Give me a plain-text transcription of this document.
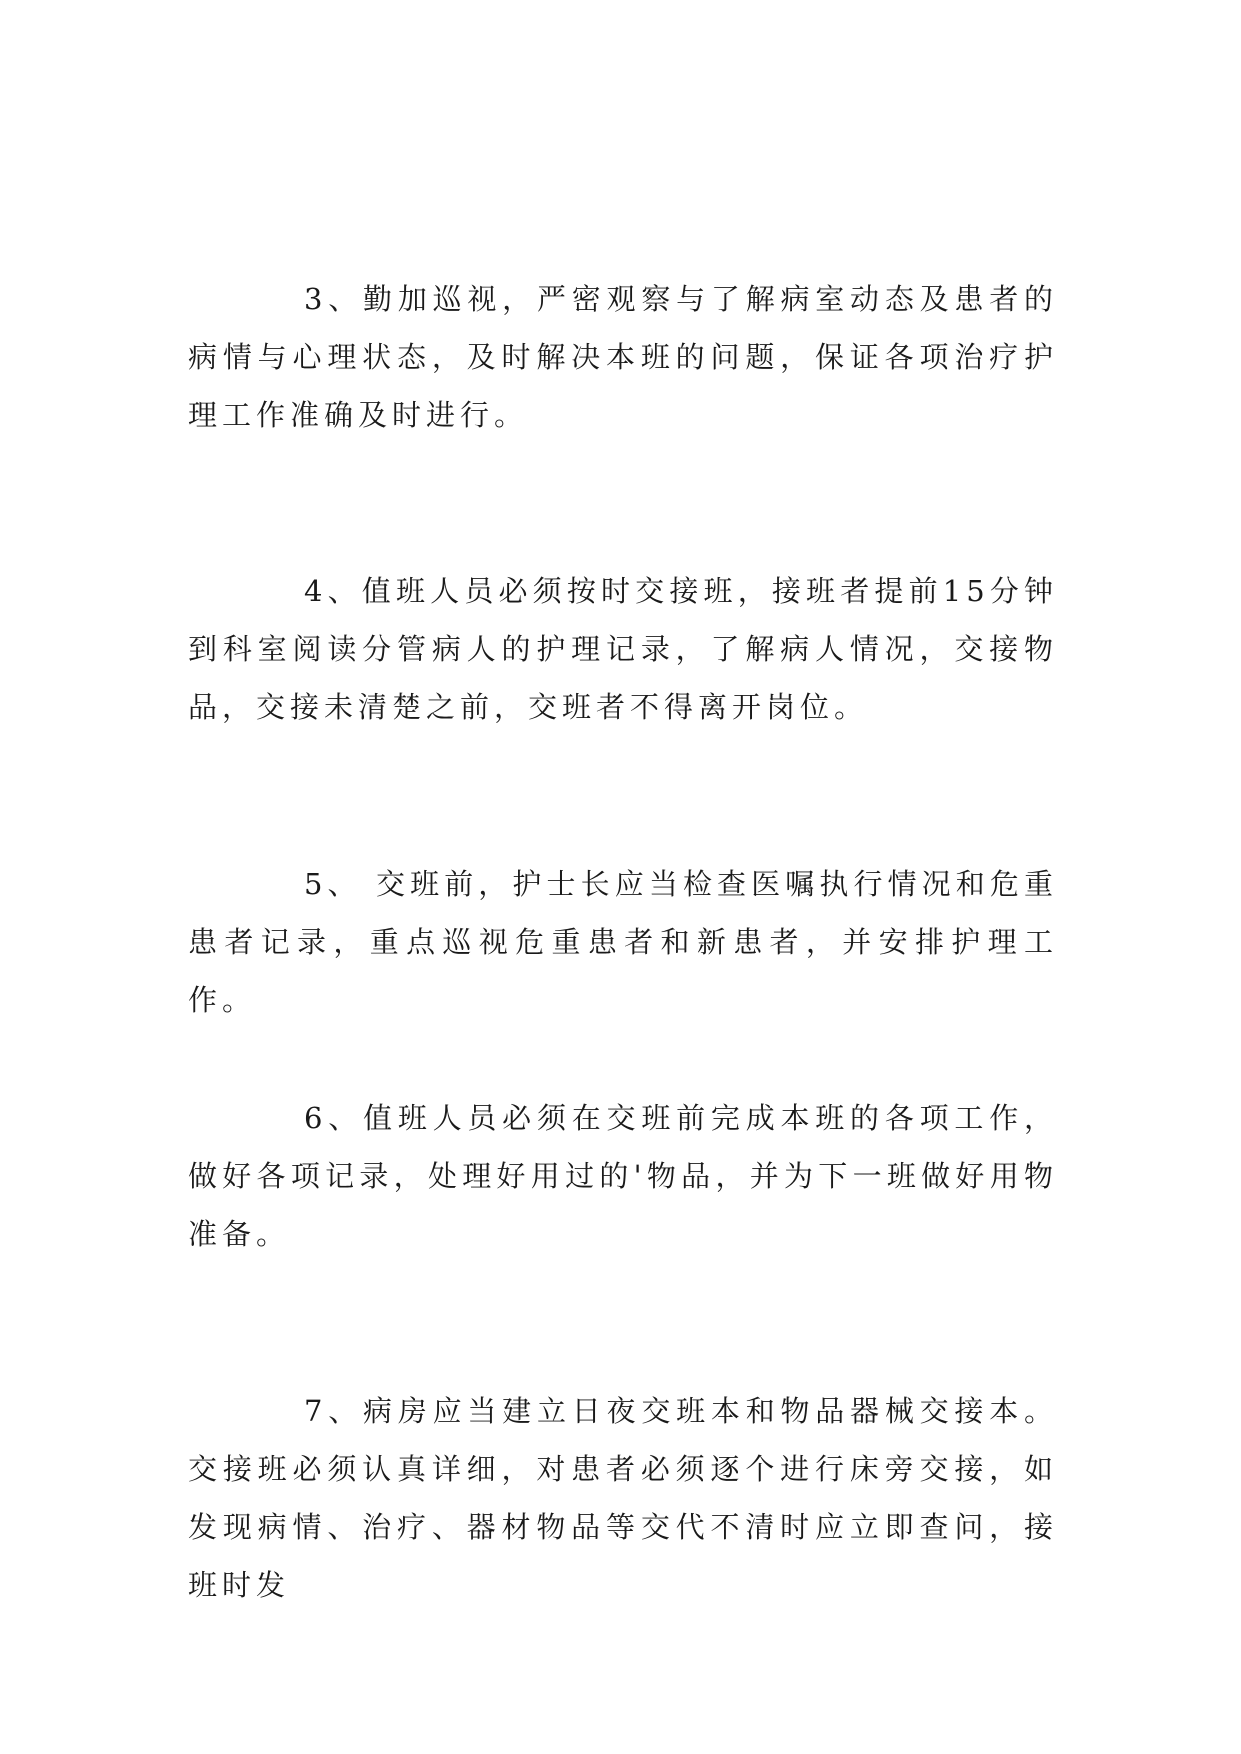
3、勤加巡视，严密观察与了解病室动态及患者的病情与心理状态，及时解决本班的问题，保证各项治疗护理工作准确及时进行。

4、值班人员必须按时交接班，接班者提前15分钟到科室阅读分管病人的护理记录，了解病人情况，交接物品，交接未清楚之前，交班者不得离开岗位。

5、 交班前，护士长应当检查医嘱执行情况和危重患者记录，重点巡视危重患者和新患者，并安排护理工作。

6、值班人员必须在交班前完成本班的各项工作，做好各项记录，处理好用过的'物品，并为下一班做好用物准备。

7、病房应当建立日夜交班本和物品器械交接本。交接班必须认真详细，对患者必须逐个进行床旁交接，如发现病情、治疗、器材物品等交代不清时应立即查问，接班时发
